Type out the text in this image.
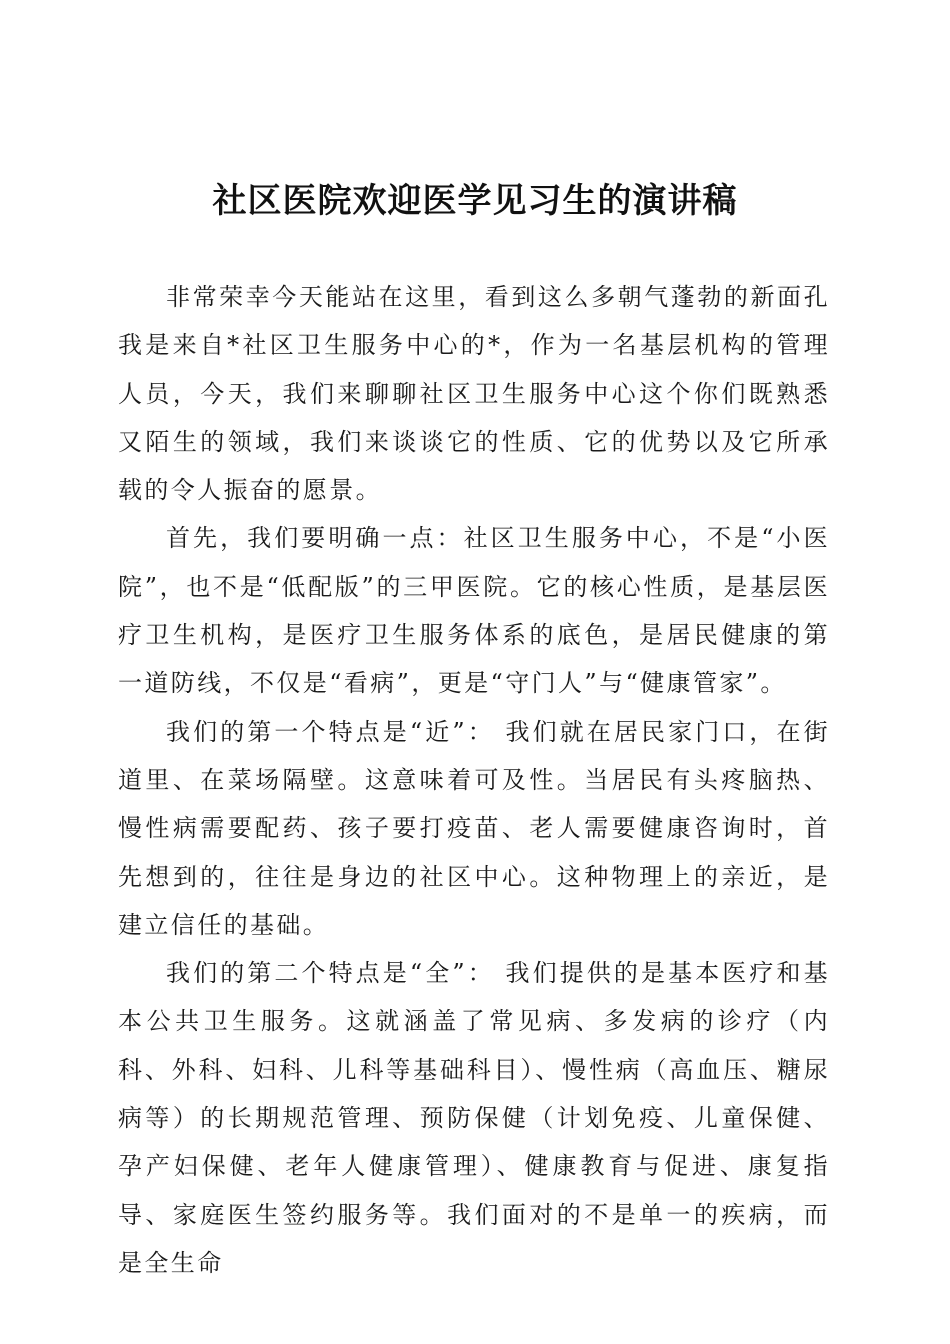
社区医院欢迎医学见习生的演讲稿

非常荣幸今天能站在这里，看到这么多朝气蓬勃的新面孔我是来自*社区卫生服务中心的*，作为一名基层机构的管理人员，今天，我们来聊聊社区卫生服务中心这个你们既熟悉又陌生的领域，我们来谈谈它的性质、它的优势以及它所承载的令人振奋的愿景。

首先，我们要明确一点：社区卫生服务中心，不是“小医院”，也不是“低配版”的三甲医院。它的核心性质，是基层医疗卫生机构，是医疗卫生服务体系的底色，是居民健康的第一道防线，不仅是“看病”，更是“守门人”与“健康管家”。

我们的第一个特点是“近”： 我们就在居民家门口，在街道里、在菜场隔壁。这意味着可及性。当居民有头疼脑热、慢性病需要配药、孩子要打疫苗、老人需要健康咨询时，首先想到的，往往是身边的社区中心。这种物理上的亲近，是建立信任的基础。

我们的第二个特点是“全”： 我们提供的是基本医疗和基本公共卫生服务。这就涵盖了常见病、多发病的诊疗（内科、外科、妇科、儿科等基础科目）、慢性病（高血压、糖尿病等）的长期规范管理、预防保健（计划免疫、儿童保健、孕产妇保健、老年人健康管理）、健康教育与促进、康复指导、家庭医生签约服务等。我们面对的不是单一的疾病，而是全生命
